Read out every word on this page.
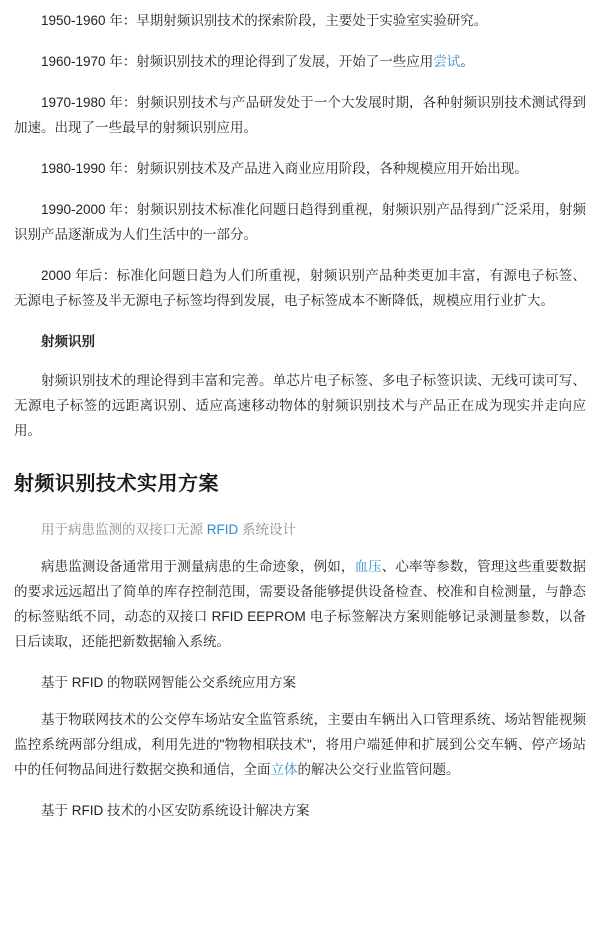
1950-1960 年：早期射频识别技术的探索阶段，主要处于实验室实验研究。

1960-1970 年：射频识别技术的理论得到了发展，开始了一些应用尝试。

1970-1980 年：射频识别技术与产品研发处于一个大发展时期，各种射频识别技术测试得到加速。出现了一些最早的射频识别应用。

1980-1990 年：射频识别技术及产品进入商业应用阶段，各种规模应用开始出现。

1990-2000 年：射频识别技术标准化问题日趋得到重视，射频识别产品得到广泛采用，射频识别产品逐渐成为人们生活中的一部分。

2000 年后：标准化问题日趋为人们所重视，射频识别产品种类更加丰富，有源电子标签、无源电子标签及半无源电子标签均得到发展，电子标签成本不断降低，规模应用行业扩大。

射频识别

射频识别技术的理论得到丰富和完善。单芯片电子标签、多电子标签识读、无线可读可写、无源电子标签的远距离识别、适应高速移动物体的射频识别技术与产品正在成为现实并走向应用。

射频识别技术实用方案

用于病患监测的双接口无源 RFID 系统设计

病患监测设备通常用于测量病患的生命迹象，例如，血压、心率等参数，管理这些重要数据的要求远远超出了简单的库存控制范围，需要设备能够提供设备检查、校准和自检测量，与静态的标签贴纸不同，动态的双接口 RFID EEPROM 电子标签解决方案则能够记录测量参数，以备日后读取，还能把新数据输入系统。

基于 RFID 的物联网智能公交系统应用方案

基于物联网技术的公交停车场站安全监管系统，主要由车辆出入口管理系统、场站智能视频监控系统两部分组成，利用先进的"物物相联技术"，将用户端延伸和扩展到公交车辆、停产场站中的任何物品间进行数据交换和通信，全面立体的解决公交行业监管问题。

基于 RFID 技术的小区安防系统设计解决方案
